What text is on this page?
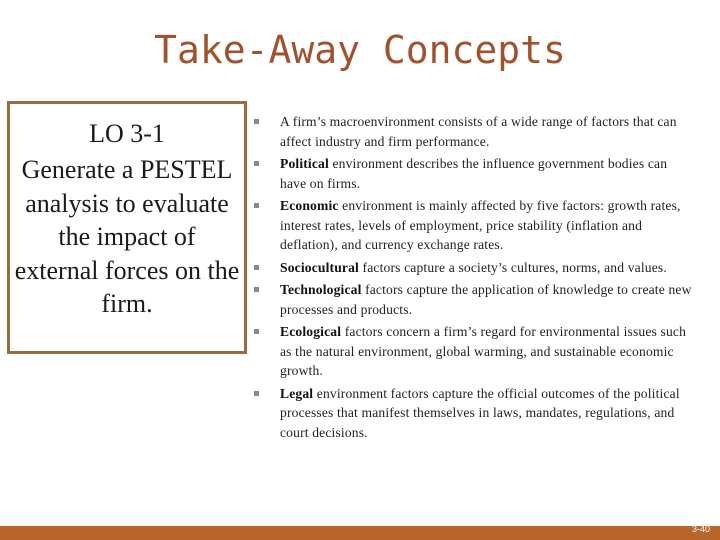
Take-Away Concepts
LO 3-1
Generate a PESTEL analysis to evaluate the impact of external forces on the firm.
A firm’s macroenvironment consists of a wide range of factors that can affect industry and firm performance.
Political environment describes the influence government bodies can have on firms.
Economic environment is mainly affected by five factors: growth rates, interest rates, levels of employment, price stability (inflation and deflation), and currency exchange rates.
Sociocultural factors capture a society’s cultures, norms, and values.
Technological factors capture the application of knowledge to create new processes and products.
Ecological factors concern a firm’s regard for environmental issues such as the natural environment, global warming, and sustainable economic growth.
Legal environment factors capture the official outcomes of the political processes that manifest themselves in laws, mandates, regulations, and court decisions.
3-40
